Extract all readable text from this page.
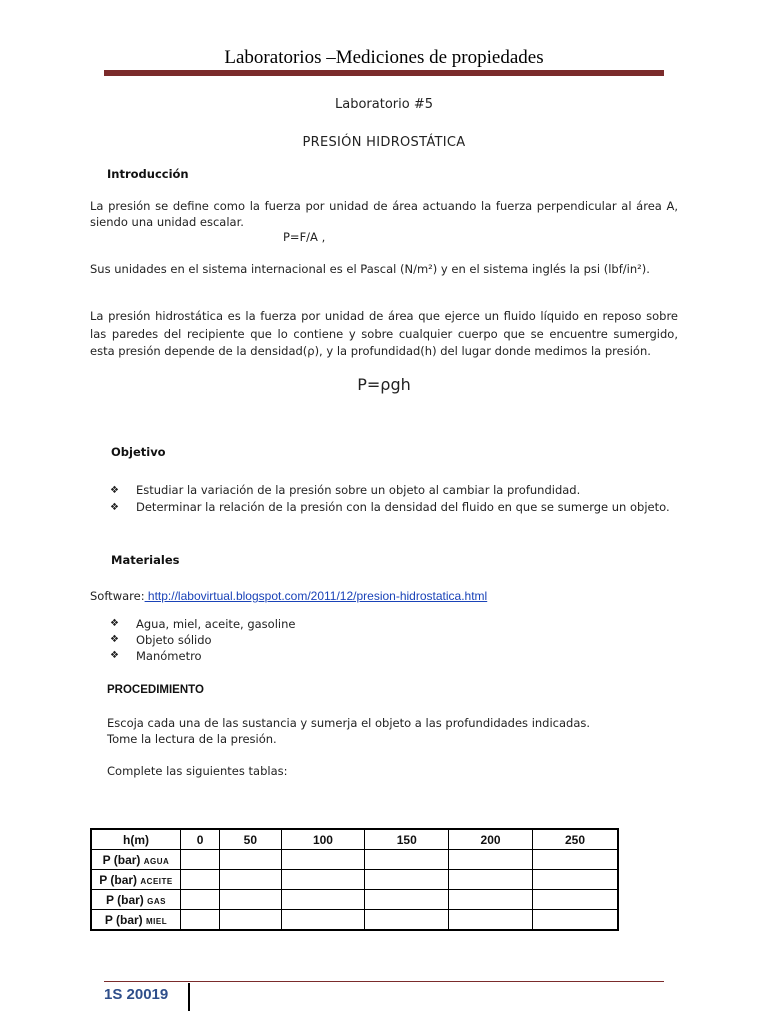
Laboratorios –Mediciones de propiedades
Laboratorio #5
PRESIÓN HIDROSTÁTICA
Introducción
La presión se define como la fuerza por unidad de área actuando la fuerza perpendicular al área A, siendo una unidad escalar.
P=F/A ,
Sus unidades en el sistema internacional es el Pascal (N/m²) y en el sistema inglés la psi (lbf/in²).
La presión hidrostática es la fuerza por unidad de área que ejerce un fluido líquido en reposo sobre las paredes del recipiente que lo contiene y sobre cualquier cuerpo que se encuentre sumergido, esta presión depende de la densidad(ρ), y la profundidad(h) del lugar donde medimos la presión.
P=ρgh
Objetivo
❖ Estudiar la variación de la presión sobre un objeto al cambiar la profundidad.
❖ Determinar la relación de la presión con la densidad del fluido en que se sumerge un objeto.
Materiales
Software: http://labovirtual.blogspot.com/2011/12/presion-hidrostatica.html
❖ Agua, miel, aceite, gasoline
❖ Objeto sólido
❖ Manómetro
PROCEDIMIENTO
Escoja cada una de las sustancia y sumerja el objeto a las profundidades indicadas.
Tome la lectura de la presión.
Complete las siguientes tablas:
h(m)	0	50	100	150	200	250
P (bar) AGUA						
P (bar) ACEITE						
P (bar) GAS						
P (bar) MIEL						
1S 20019
